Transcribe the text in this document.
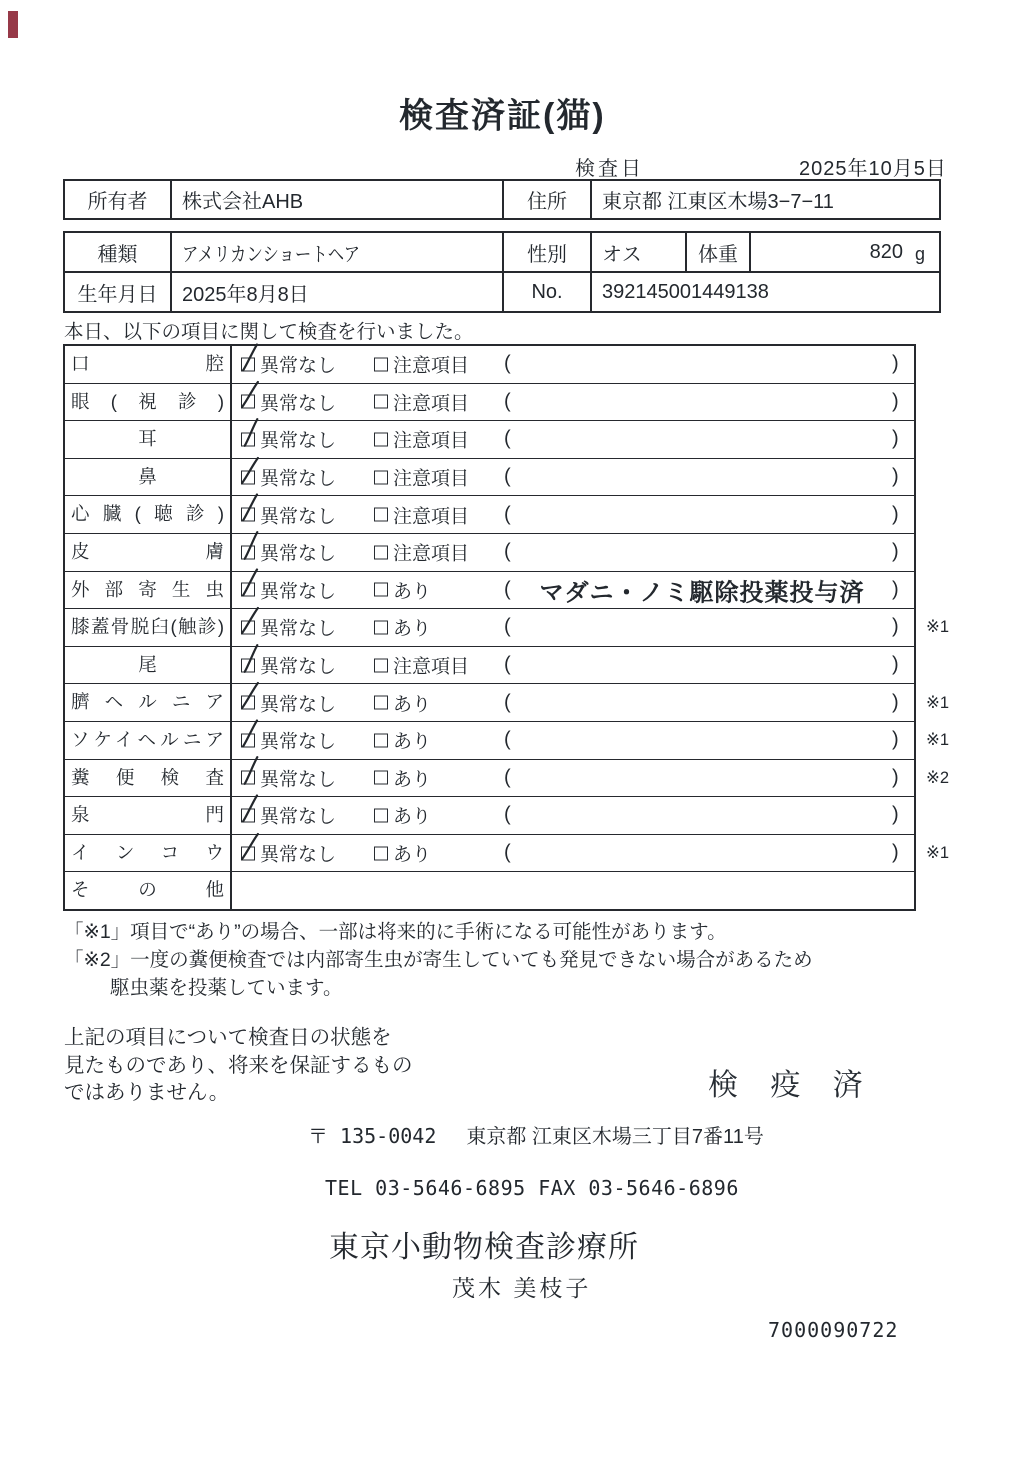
検査済証(猫)
検査日	2025年10月5日
所有者	株式会社AHB	住所	東京都 江東区木場3−7−11
種類	アメリカンショートヘア	性別	オス	体重	820 g
生年月日	2025年8月8日	No.	392145001449138
本日、以下の項目に関して検査を行いました。
口腔	異常なし	注意項目 (	)
眼(視診)	異常なし	注意項目 (	)
耳	異常なし	注意項目 (	)
鼻	異常なし	注意項目 (	)
心臓(聴診)	異常なし	注意項目 (	)
皮膚	異常なし	注意項目 (	)
外部寄生虫	異常なし	あり	(	マダニ・ノミ駆除投薬投与済	)
膝蓋骨脱臼(触診)	異常なし	あり	(	) ※1
尾	異常なし	注意項目 (	)
臍ヘルニア	異常なし	あり	(	) ※1
ソケイヘルニア	異常なし	あり	(	) ※1
糞便検査	異常なし	あり	(	) ※2
泉門	異常なし	あり	(	)
インコウ	異常なし	あり	(	) ※1
その他
「※1」項目で“あり”の場合、一部は将来的に手術になる可能性があります。
「※2」一度の糞便検査では内部寄生虫が寄生していても発見できない場合があるため
駆虫薬を投薬しています。
上記の項目について検査日の状態を
見たものであり、将来を保証するもの
ではありません。	検 疫 済
〒 135-0042 東京都 江東区木場三丁目7番11号
TEL 03-5646-6895 FAX 03-5646-6896
東京小動物検査診療所
茂木 美枝子
7000090722
